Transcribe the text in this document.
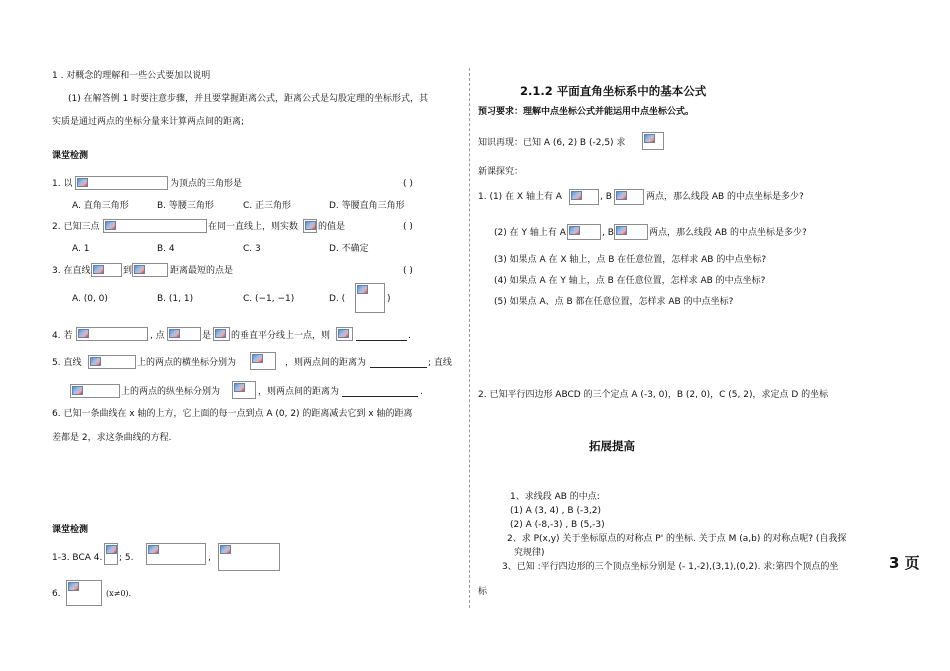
1 . 对概念的理解和一些公式要加以说明
(1) 在解答例 1 时要注意步骤，并且要掌握距离公式，距离公式是勾股定理的坐标形式，其
实质是通过两点的坐标分量来计算两点间的距离;
课堂检测
1. 以	为顶点的三角形是	( )
A. 直角三角形	B. 等腰三角形	C. 正三角形	D. 等腰直角三角形
2. 已知三点	在同一直线上，则实数 的值是	( )
A. 1	B. 4	C. 3	D. 不确定
3. 在直线	到	距离最短的点是	( )
A. (0, 0)	B. (1, 1)	C. (−1, −1)	D. (	)
4. 若	, 点	是 的垂直平分线上一点，则	.
5. 直线	上的两点的横坐标分别为	，则两点间的距离为	; 直线
上的两点的纵坐标分别为	，则两点间的距离为	.
6. 已知一条曲线在 x 轴的上方，它上面的每一点到点 A (0, 2) 的距离减去它到 x 轴的距离
差都是 2，求这条曲线的方程.
课堂检测
1-3. BCA 4. ; 5.	,
6.	(x≠0).
2.1.2 平面直角坐标系中的基本公式
预习要求：理解中点坐标公式并能运用中点坐标公式。
知识再现：已知 A (6, 2) B (-2,5) 求
新课探究：
1. (1) 在 X 轴上有 A	, B	两点，那么线段 AB 的中点坐标是多少?
(2) 在 Y 轴上有 A	, B	两点，那么线段 AB 的中点坐标是多少?
(3) 如果点 A 在 X 轴上，点 B 在任意位置，怎样求 AB 的中点坐标?
(4) 如果点 A 在 Y 轴上，点 B 在任意位置，怎样求 AB 的中点坐标?
(5) 如果点 A、点 B 都在任意位置，怎样求 AB 的中点坐标?
2. 已知平行四边形 ABCD 的三个定点 A (-3, 0)，B (2, 0)，C (5, 2)，求定点 D 的坐标
拓展提高
1、求线段 AB 的中点:
(1) A (3, 4) , B (-3,2)
(2) A (-8,-3) , B (5,-3)
2、求 P(x,y) 关于坐标原点的对称点 P' 的坐标. 关于点 M (a,b) 的对称点呢? (自我探
究规律)
3、已知 :平行四边形的三个顶点坐标分别是 (- 1,-2),(3,1),(0,2). 求:第四个顶点的坐
标
3 页
